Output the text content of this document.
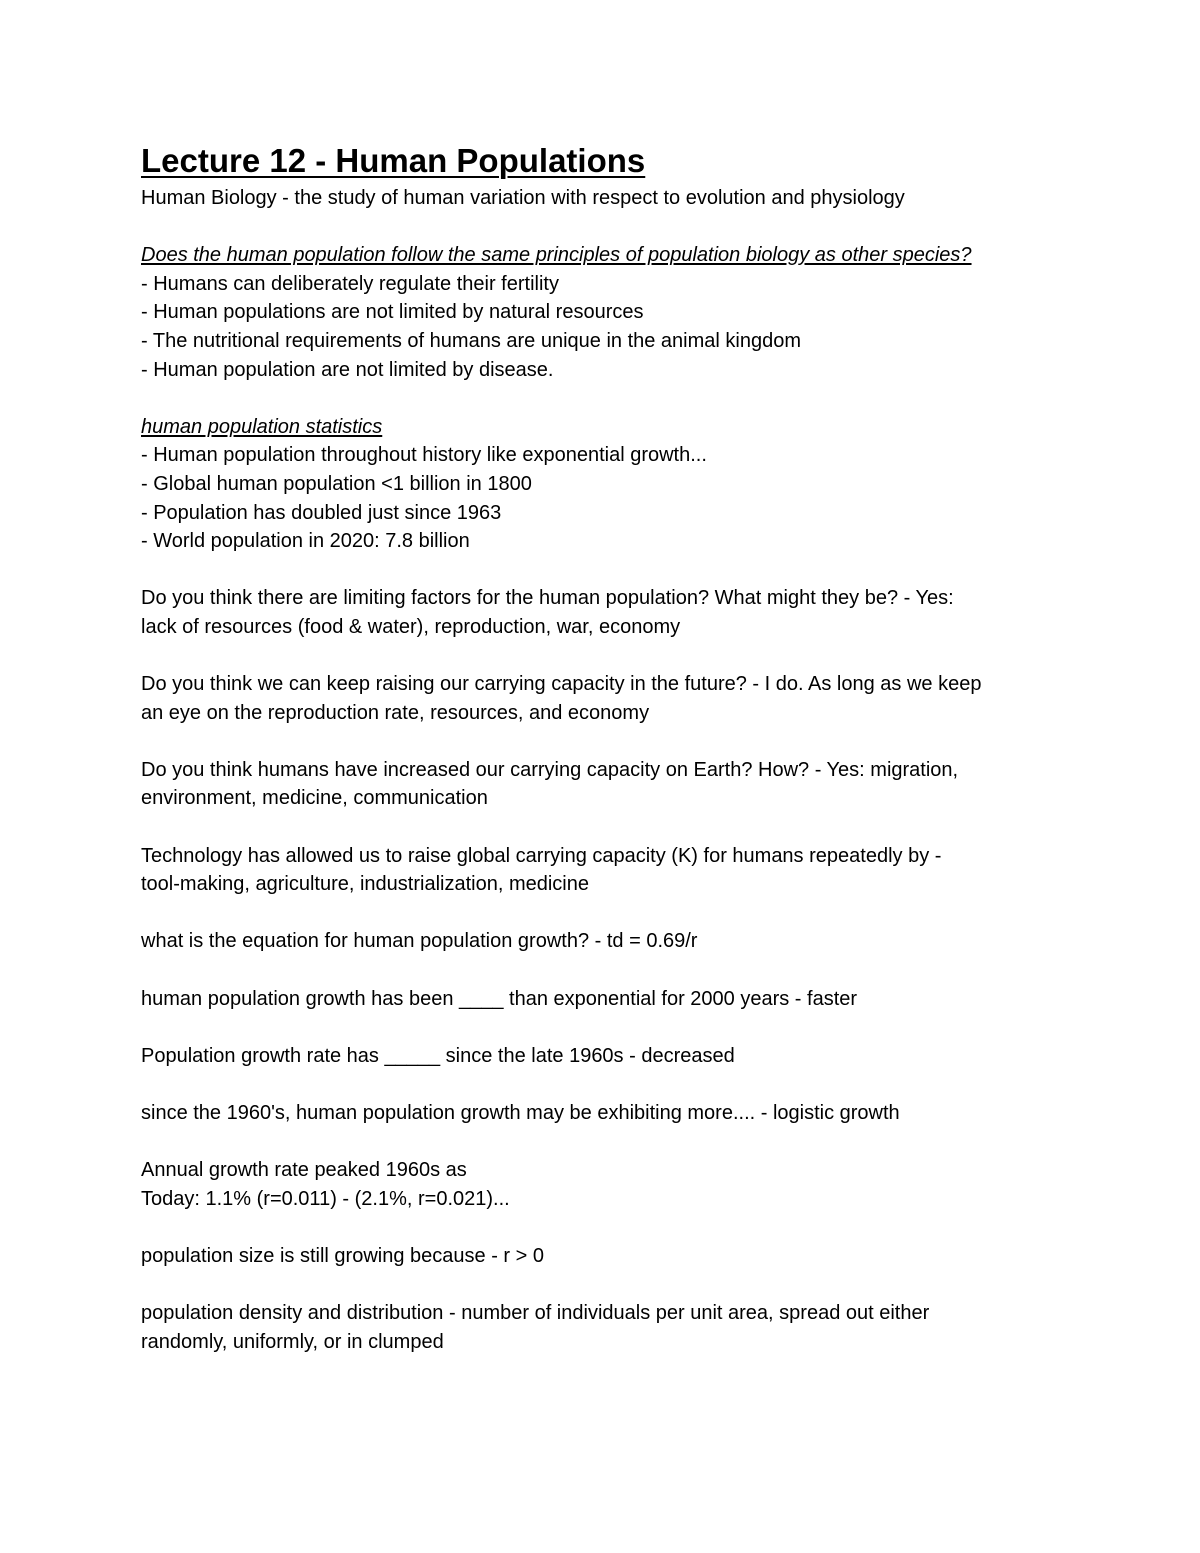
Lecture 12 - Human Populations
Human Biology - the study of human variation with respect to evolution and physiology
Does the human population follow the same principles of population biology as other species?
- Humans can deliberately regulate their fertility
- Human populations are not limited by natural resources
- The nutritional requirements of humans are unique in the animal kingdom
- Human population are not limited by disease.
human population statistics
- Human population throughout history like exponential growth...
- Global human population <1 billion in 1800
- Population has doubled just since 1963
- World population in 2020: 7.8 billion
Do you think there are limiting factors for the human population? What might they be? - Yes:
lack of resources (food & water), reproduction, war, economy
Do you think we can keep raising our carrying capacity in the future? - I do. As long as we keep
an eye on the reproduction rate, resources, and economy
Do you think humans have increased our carrying capacity on Earth? How? - Yes: migration,
environment, medicine, communication
Technology has allowed us to raise global carrying capacity (K) for humans repeatedly by -
tool-making, agriculture, industrialization, medicine
what is the equation for human population growth? - td = 0.69/r
human population growth has been ____ than exponential for 2000 years - faster
Population growth rate has _____ since the late 1960s - decreased
since the 1960's, human population growth may be exhibiting more.... - logistic growth
Annual growth rate peaked 1960s as
Today: 1.1% (r=0.011) - (2.1%, r=0.021)...
population size is still growing because - r > 0
population density and distribution - number of individuals per unit area, spread out either
randomly, uniformly, or in clumped
